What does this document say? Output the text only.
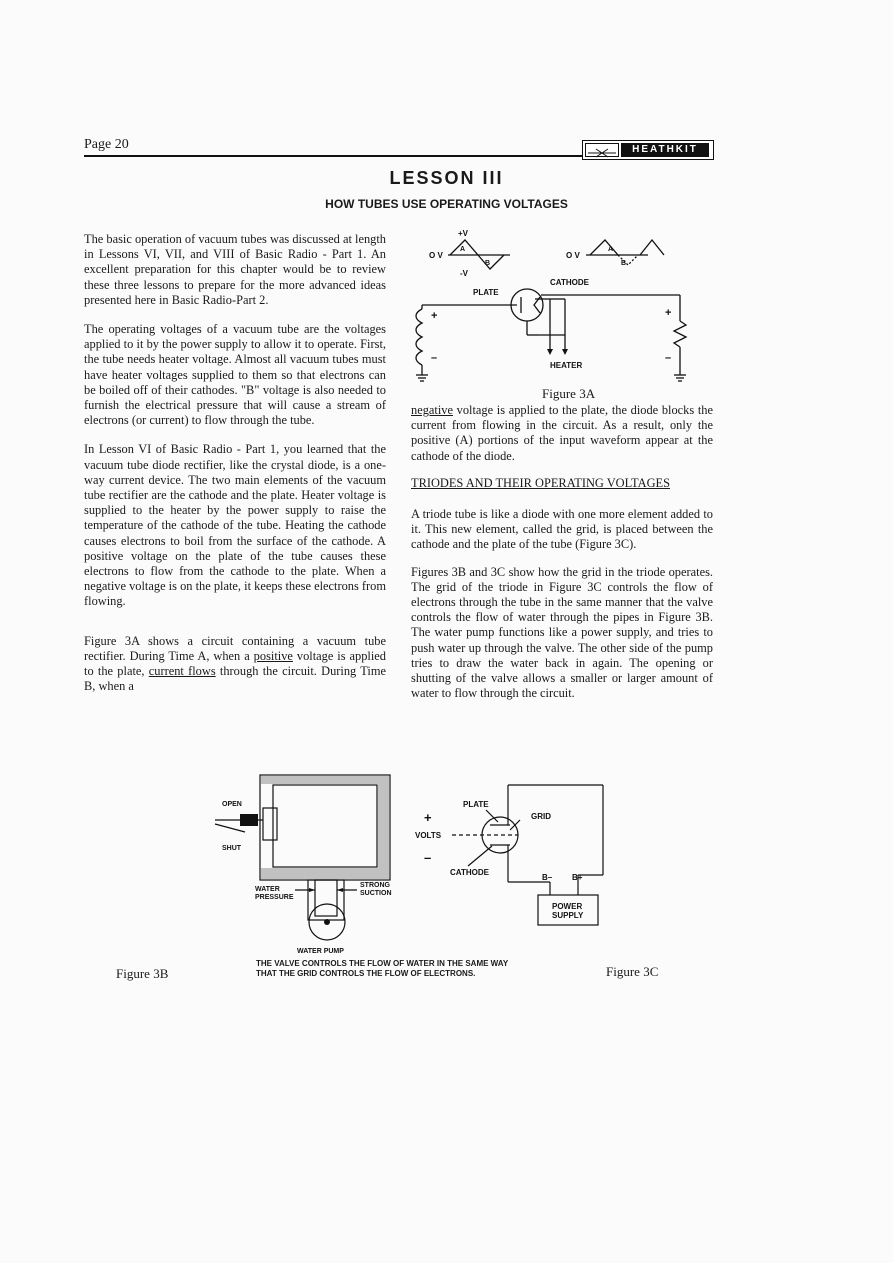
Page 20	HEATHKIT
LESSON III
HOW TUBES USE OPERATING VOLTAGES

The basic operation of vacuum tubes was discussed at length in Lessons VI, VII, and VIII of Basic Radio - Part 1. An excellent preparation for this chapter would be to review these three lessons to prepare for the more advanced ideas presented here in Basic Radio-Part 2.

The operating voltages of a vacuum tube are the voltages applied to it by the power supply to allow it to operate. First, the tube needs heater voltage. Almost all vacuum tubes must have heater voltages supplied to them so that electrons can be boiled off of their cathodes. "B" voltage is also needed to furnish the electrical pressure that will cause a stream of electrons (or current) to flow through the tube.

In Lesson VI of Basic Radio - Part 1, you learned that the vacuum tube diode rectifier, like the crystal diode, is a one-way current device. The two main elements of the vacuum tube rectifier are the cathode and the plate. Heater voltage is supplied to the heater by the power supply to raise the temperature of the cathode of the tube. Heating the cathode causes electrons to boil from the surface of the cathode. A positive voltage on the plate of the tube causes these electrons to flow from the cathode to the plate. When a negative voltage is on the plate, it keeps these electrons from flowing.

Figure 3A shows a circuit containing a vacuum tube rectifier. During Time A, when a positive voltage is applied to the plate, current flows through the circuit. During Time B, when a

+V
-V
O V
A
B
O V
A
B
PLATE
CATHODE
HEATER
+
–
+
–
Figure 3A

negative voltage is applied to the plate, the diode blocks the current from flowing in the circuit. As a result, only the positive (A) portions of the input waveform appear at the cathode of the diode.

TRIODES AND THEIR OPERATING VOLTAGES

A triode tube is like a diode with one more element added to it. This new element, called the grid, is placed between the cathode and the plate of the tube (Figure 3C).

Figures 3B and 3C show how the grid in the triode operates. The grid of the triode in Figure 3C controls the flow of electrons through the tube in the same manner that the valve controls the flow of water through the pipes in Figure 3B. The water pump functions like a power supply, and tries to push water up through the valve. The other side of the pump tries to draw the water back in again. The opening or shutting of the valve allows a smaller or larger amount of water to flow through the circuit.

OPEN
SHUT
WATER
PRESSURE
STRONG
SUCTION
WATER PUMP
PLATE
GRID
CATHODE
+
–
VOLTS
B– B+
POWER
SUPPLY
Figure 3B	Figure 3C
THE VALVE CONTROLS THE FLOW OF WATER IN THE SAME WAY
THAT THE GRID CONTROLS THE FLOW OF ELECTRONS.
